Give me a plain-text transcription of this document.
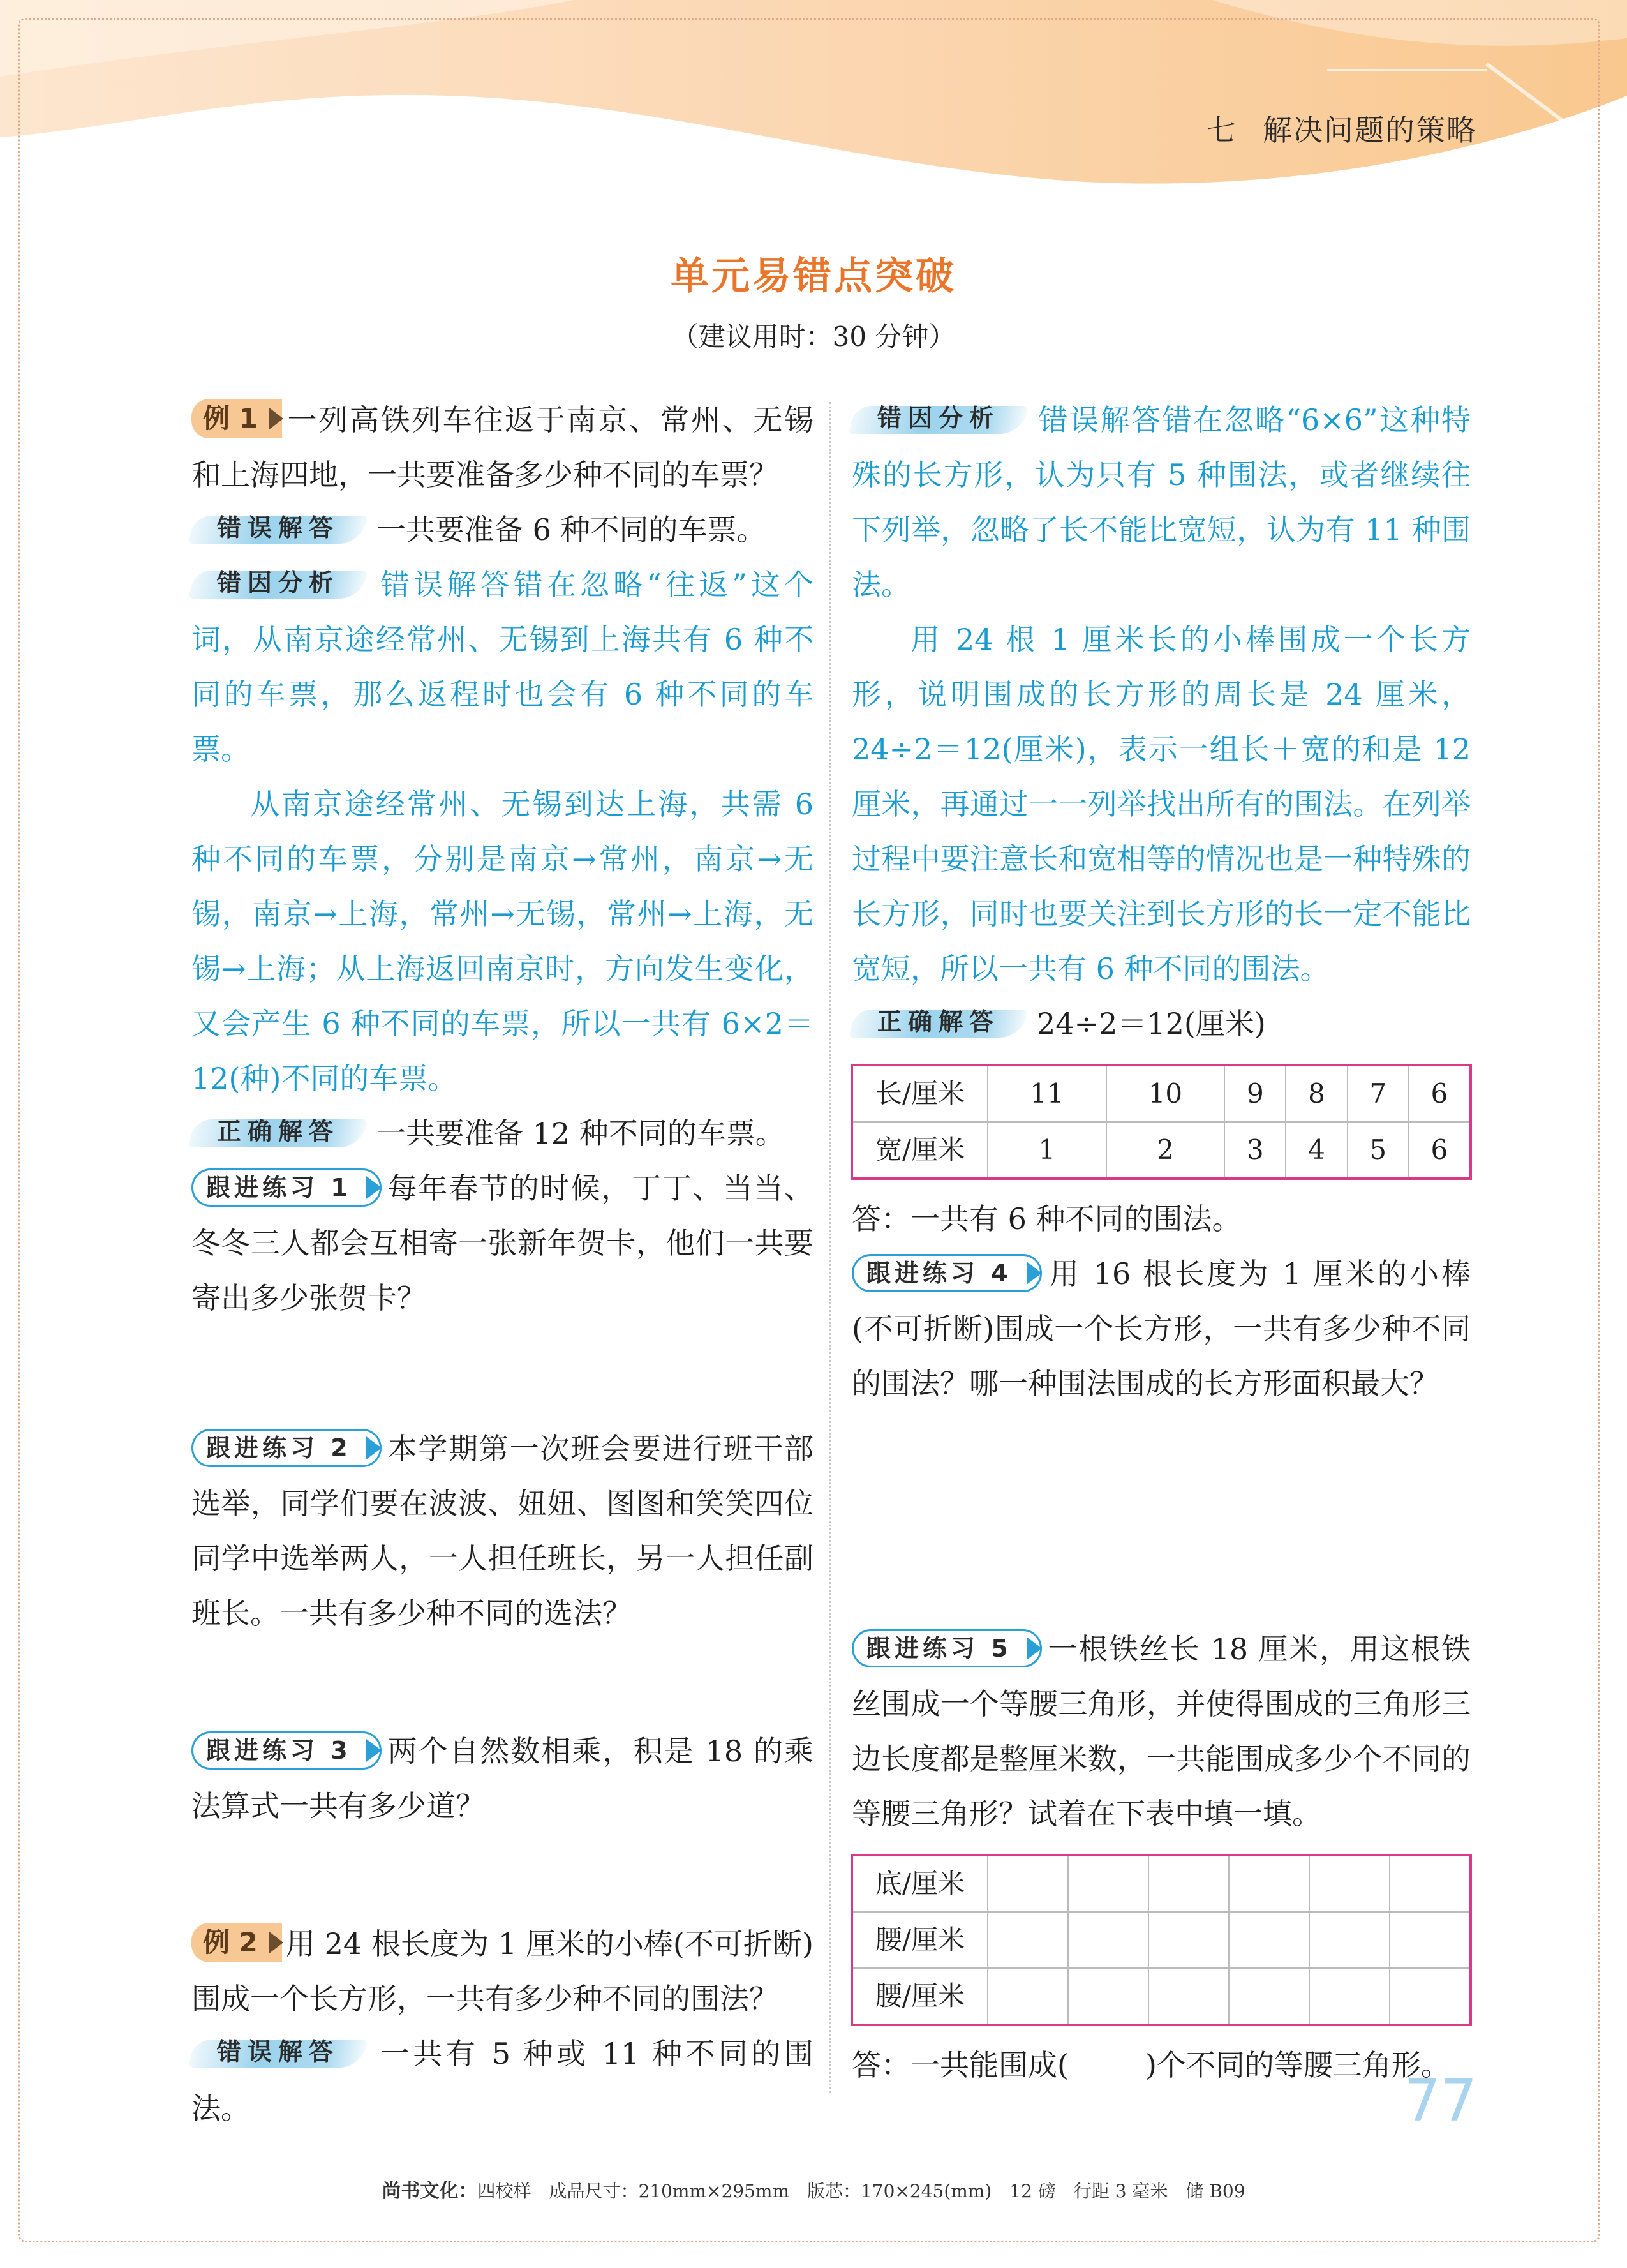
七 解决问题的策略
单元易错点突破
（建议用时：30 分钟）

例 1 一列高铁列车往返于南京、常州、无锡和上海四地，一共要准备多少种不同的车票？

错误解答 一共要准备 6 种不同的车票。

错因分析 错误解答错在忽略“往返”这个词，从南京途经常州、无锡到上海共有 6 种不同的车票，那么返程时也会有 6 种不同的车票。

从南京途经常州、无锡到达上海，共需 6 种不同的车票，分别是南京→常州，南京→无锡，南京→上海，常州→无锡，常州→上海，无锡→上海；从上海返回南京时，方向发生变化，又会产生 6 种不同的车票，所以一共有 6×2＝12(种)不同的车票。

正确解答 一共要准备 12 种不同的车票。

跟进练习 1 每年春节的时候，丁丁、当当、冬冬三人都会互相寄一张新年贺卡，他们一共要寄出多少张贺卡？

跟进练习 2 本学期第一次班会要进行班干部选举，同学们要在波波、妞妞、图图和笑笑四位同学中选举两人，一人担任班长，另一人担任副班长。一共有多少种不同的选法？

跟进练习 3 两个自然数相乘，积是 18 的乘法算式一共有多少道？

例 2 用 24 根长度为 1 厘米的小棒(不可折断)围成一个长方形，一共有多少种不同的围法？

错误解答 一共有 5 种或 11 种不同的围法。

错因分析 错误解答错在忽略“6×6”这种特殊的长方形，认为只有 5 种围法，或者继续往下列举，忽略了长不能比宽短，认为有 11 种围法。

用 24 根 1 厘米长的小棒围成一个长方形，说明围成的长方形的周长是 24 厘米，24÷2＝12(厘米)，表示一组长＋宽的和是 12 厘米，再通过一一列举找出所有的围法。在列举过程中要注意长和宽相等的情况也是一种特殊的长方形，同时也要关注到长方形的长一定不能比宽短，所以一共有 6 种不同的围法。

正确解答 24÷2＝12(厘米)

长/厘米	11	10	9	8	7	6
宽/厘米	1	2	3	4	5	6

答：一共有 6 种不同的围法。

跟进练习 4 用 16 根长度为 1 厘米的小棒(不可折断)围成一个长方形，一共有多少种不同的围法？哪一种围法围成的长方形面积最大？

跟进练习 5 一根铁丝长 18 厘米，用这根铁丝围成一个等腰三角形，并使得围成的三角形三边长度都是整厘米数，一共能围成多少个不同的等腰三角形？试着在下表中填一填。

底/厘米						
腰/厘米						
腰/厘米						

答：一共能围成(	)个不同的等腰三角形。

77
尚书文化：四校样　成品尺寸：210mm×295mm　版芯：170×245(mm)　12 磅　行距 3 毫米　储 B09
